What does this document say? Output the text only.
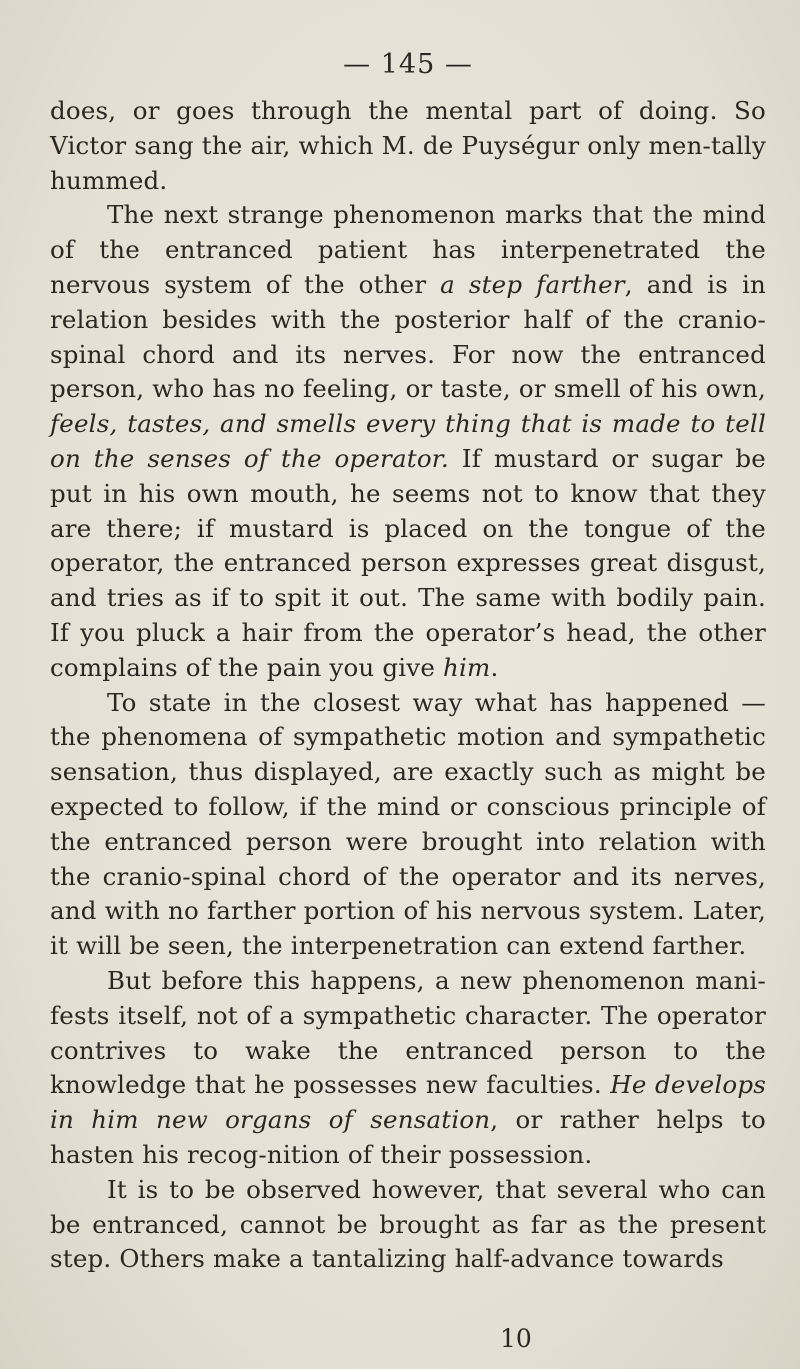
— 145 —

does, or goes through the mental part of doing. So Victor sang the air, which M. de Puységur only men-tally hummed.

The next strange phenomenon marks that the mind of the entranced patient has interpenetrated the nervous system of the other a step farther, and is in relation besides with the posterior half of the cranio-spinal chord and its nerves. For now the entranced person, who has no feeling, or taste, or smell of his own, feels, tastes, and smells every thing that is made to tell on the senses of the operator. If mustard or sugar be put in his own mouth, he seems not to know that they are there; if mustard is placed on the tongue of the operator, the entranced person expresses great disgust, and tries as if to spit it out. The same with bodily pain. If you pluck a hair from the operator’s head, the other complains of the pain you give him.

To state in the closest way what has happened — the phenomena of sympathetic motion and sympathetic sensation, thus displayed, are exactly such as might be expected to follow, if the mind or conscious principle of the entranced person were brought into relation with the cranio-spinal chord of the operator and its nerves, and with no farther portion of his nervous system. Later, it will be seen, the interpenetration can extend farther.

But before this happens, a new phenomenon mani-fests itself, not of a sympathetic character. The operator contrives to wake the entranced person to the knowledge that he possesses new faculties. He develops in him new organs of sensation, or rather helps to hasten his recog-nition of their possession.

It is to be observed however, that several who can be entranced, cannot be brought as far as the present step. Others make a tantalizing half-advance towards

10
